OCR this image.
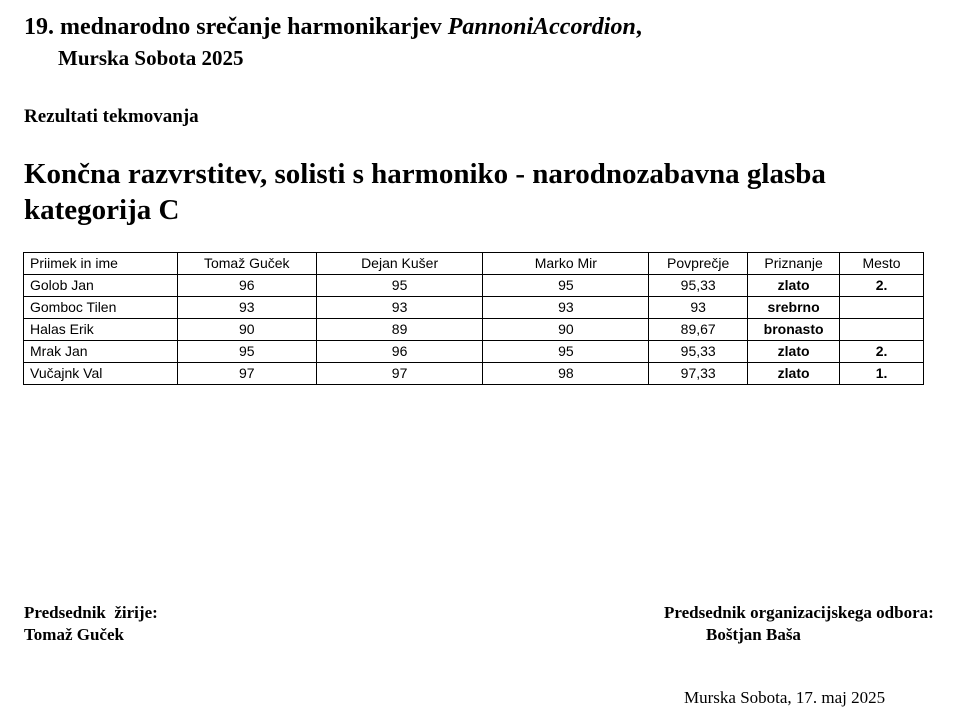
19. mednarodno srečanje harmonikarjev PannoniAccordion,
Murska Sobota 2025
Rezultati tekmovanja
Končna razvrstitev, solisti s harmoniko - narodnozabavna glasba kategorija C
Priimek in ime	Tomaž Guček	Dejan Kušer	Marko Mir	Povprečje	Priznanje	Mesto
Golob Jan	96	95	95	95,33	zlato	2.
Gomboc Tilen	93	93	93	93	srebrno	
Halas Erik	90	89	90	89,67	bronasto	
Mrak Jan	95	96	95	95,33	zlato	2.
Vučajnk Val	97	97	98	97,33	zlato	1.
Predsednik  žirije:
Tomaž Guček
Predsednik organizacijskega odbora:
Boštjan Baša
Murska Sobota, 17. maj 2025
